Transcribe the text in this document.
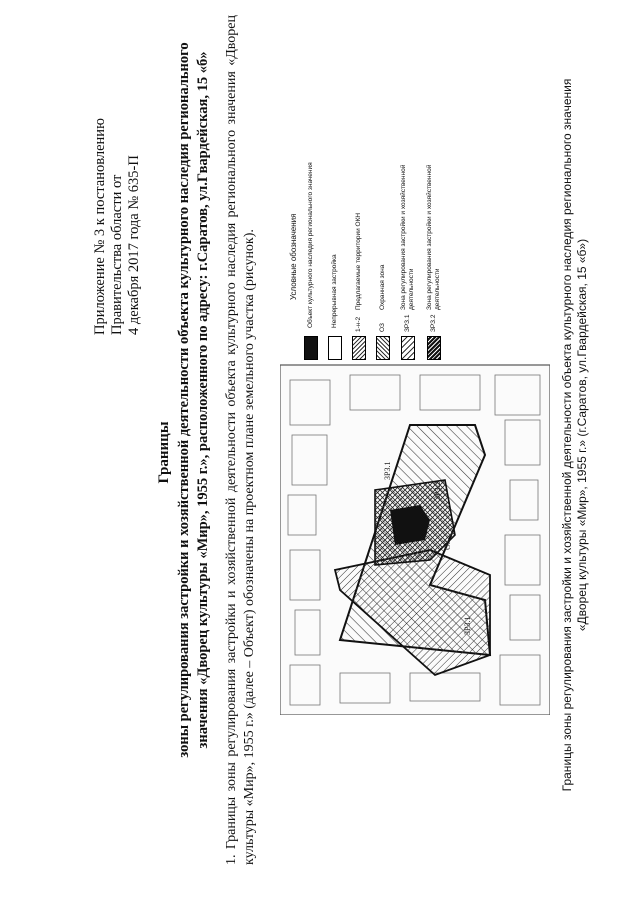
Приложение № 3 к постановлению Правительства области от 4 декабря 2017 года № 635-П
Границы зоны регулирования застройки и хозяйственной деятельности объекта культурного наследия регионального значения «Дворец культуры «Мир», 1955 г.», расположенного по адресу: г.Саратов, ул.Гвардейская, 15 «б» 1. Границы зоны регулирования застройки и хозяйственной деятельности объекта культурного наследия регионального значения «Дворец культуры «Мир», 1955 г.» (далее – Объект) обозначены на проектном плане земельного участка (рисунок).	ЗРЗ.1
ЗРЗ.2
ЗРЗ.1
ОЗ
Условные обозначения Объект культурного наследия регионального значения	Непрерывная застройка	1-н-2
Предлагаемые территории ОКН
ОЗ
Охранная зона
ЗРЗ.1
Зона регулирования застройки и хозяйственной деятельности
ЗРЗ.2
Зона регулирования застройки и хозяйственной деятельности	Границы зоны регулирования застройки и хозяйственной деятельности объекта культурного наследия регионального значения «Дворец культуры «Мир», 1955 г.» (г.Саратов, ул.Гвардейская, 15 «б»)
